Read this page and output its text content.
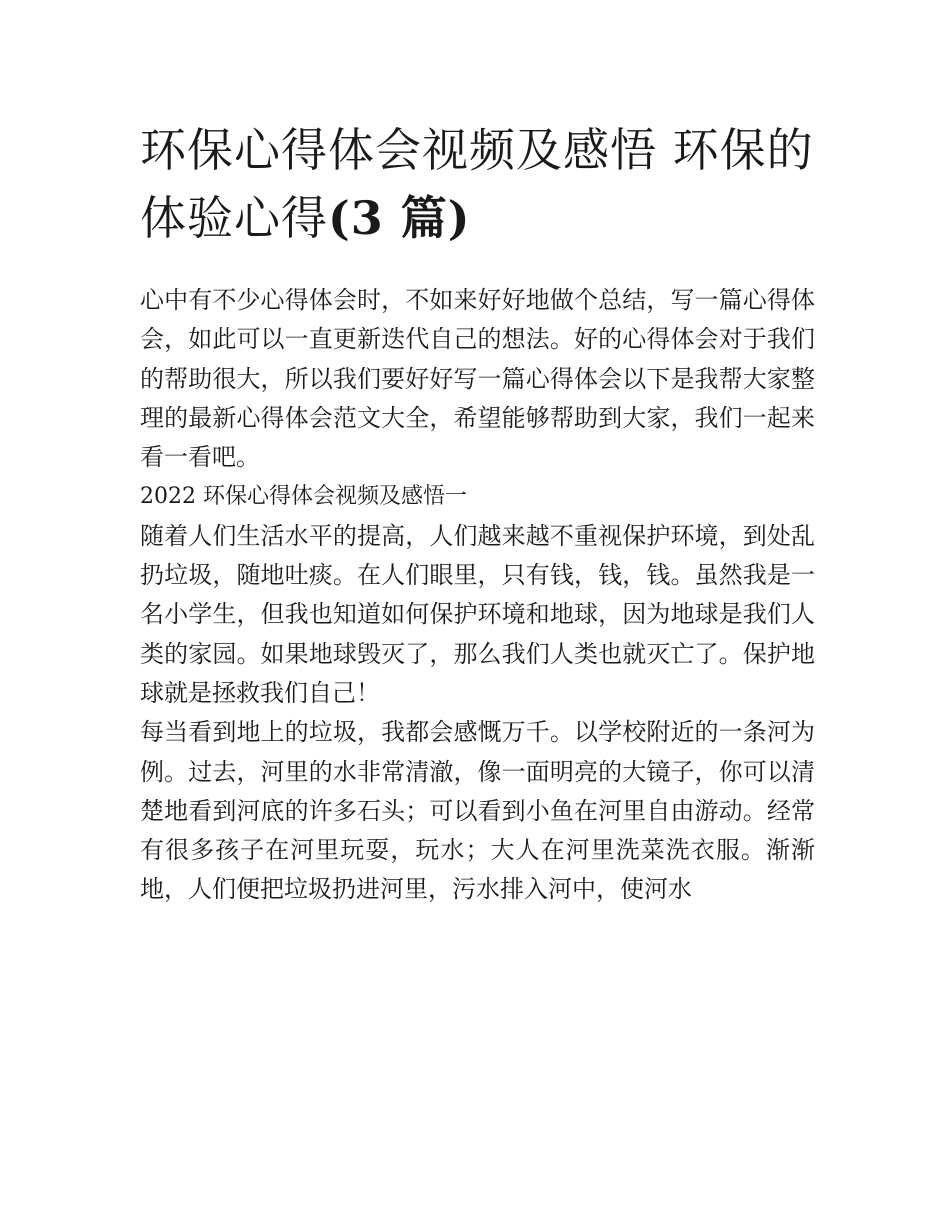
环保心得体会视频及感悟 环保的体验心得(3 篇)

心中有不少心得体会时，不如来好好地做个总结，写一篇心得体会，如此可以一直更新迭代自己的想法。好的心得体会对于我们的帮助很大，所以我们要好好写一篇心得体会以下是我帮大家整理的最新心得体会范文大全，希望能够帮助到大家，我们一起来看一看吧。

2022 环保心得体会视频及感悟一

随着人们生活水平的提高，人们越来越不重视保护环境，到处乱扔垃圾，随地吐痰。在人们眼里，只有钱，钱，钱。虽然我是一名小学生，但我也知道如何保护环境和地球，因为地球是我们人类的家园。如果地球毁灭了，那么我们人类也就灭亡了。保护地球就是拯救我们自己！

每当看到地上的垃圾，我都会感慨万千。以学校附近的一条河为例。过去，河里的水非常清澈，像一面明亮的大镜子，你可以清楚地看到河底的许多石头；可以看到小鱼在河里自由游动。经常有很多孩子在河里玩耍，玩水；大人在河里洗菜洗衣服。渐渐地，人们便把垃圾扔进河里，污水排入河中，使河水
